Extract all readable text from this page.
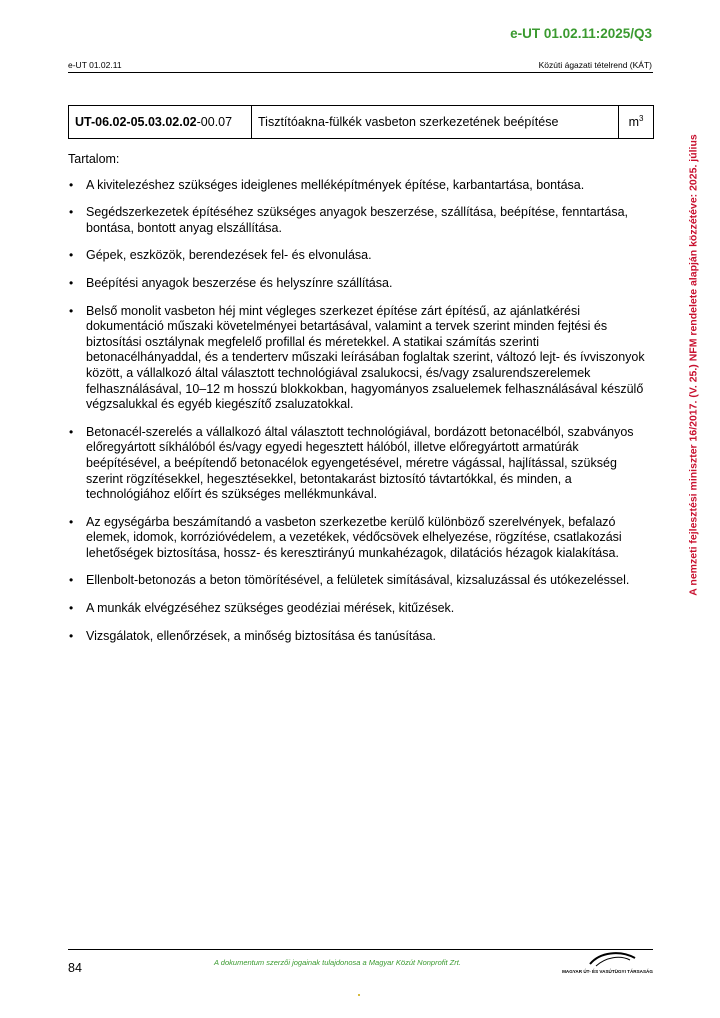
e-UT 01.02.11:2025/Q3
e-UT 01.02.11	Közúti ágazati tételrend (KÁT)
A nemzeti fejlesztési miniszter 16/2017. (V. 25.) NFM rendelete alapján közzétéve: 2025. július
UT-06.02-05.03.02.02-00.07	Tisztítóakna-fülkék vasbeton szerkezetének beépítése	$m^3$

Tartalom:

• A kivitelezéshez szükséges ideiglenes melléképítmények építése, karbantartása, bontása.
• Segédszerkezetek építéséhez szükséges anyagok beszerzése, szállítása, beépítése, fenntartása, bontása, bontott anyag elszállítása.
• Gépek, eszközök, berendezések fel- és elvonulása.
• Beépítési anyagok beszerzése és helyszínre szállítása.
• Belső monolit vasbeton héj mint végleges szerkezet építése zárt építésű, az ajánlatkérési dokumentáció műszaki követelményei betartásával, valamint a tervek szerint minden fejtési és biztosítási osztálynak megfelelő profillal és méretekkel. A statikai számítás szerinti betonacélhányaddal, és a tenderterv műszaki leírásában foglaltak szerint, változó lejt- és ívviszonyok között, a vállalkozó által választott technológiával zsalukocsi, és/vagy zsalurendszerelemek felhasználásával, 10–12 m hosszú blokkokban, hagyományos zsaluelemek felhasználásával készülő végzsalukkal és egyéb kiegészítő zsaluzatokkal.
• Betonacél-szerelés a vállalkozó által választott technológiával, bordázott betonacélból, szabványos előregyártott síkhálóból és/vagy egyedi hegesztett hálóból, illetve előregyártott armatúrák beépítésével, a beépítendő betonacélok egyengetésével, méretre vágással, hajlítással, szükség szerint rögzítésekkel, hegesztésekkel, betontakarást biztosító távtartókkal, és minden, a technológiához előírt és szükséges mellékmunkával.
• Az egységárba beszámítandó a vasbeton szerkezetbe kerülő különböző szerelvények, befalazó elemek, idomok, korrózióvédelem, a vezetékek, védőcsövek elhelyezése, rögzítése, csatlakozási lehetőségek biztosítása, hossz- és keresztirányú munkahézagok, dilatációs hézagok kialakítása.
• Ellenbolt-betonozás a beton tömörítésével, a felületek simításával, kizsaluzással és utókezeléssel.
• A munkák elvégzéséhez szükséges geodéziai mérések, kitűzések.
• Vizsgálatok, ellenőrzések, a minőség biztosítása és tanúsítása.
84	A dokumentum szerzői jogainak tulajdonosa a Magyar Közút Nonprofit Zrt.
MAGYAR ÚT- ÉS VASÚTÜGYI TÁRSASÁG
